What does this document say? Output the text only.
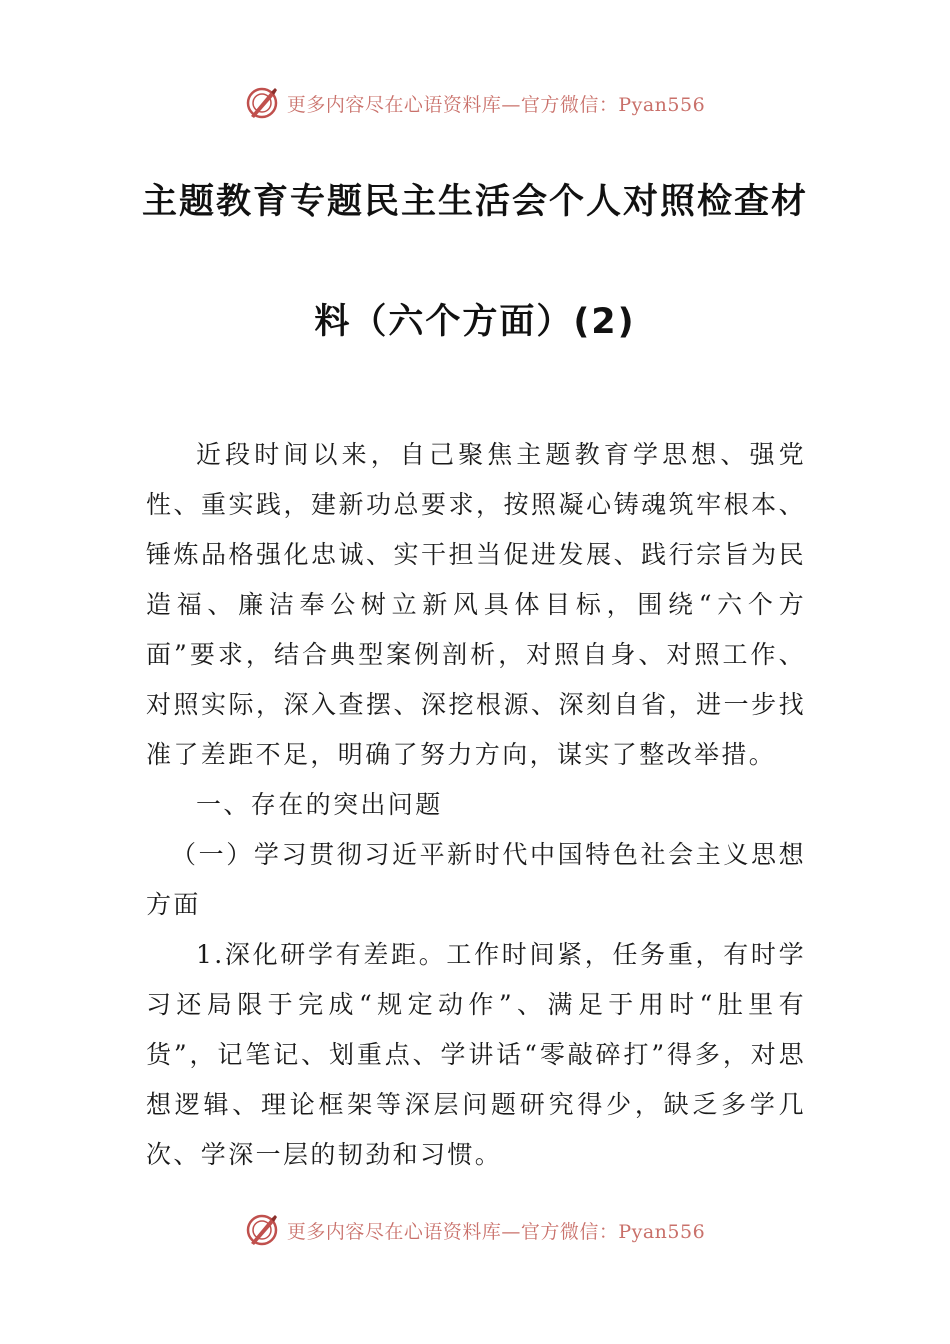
更多内容尽在心语资料库—官方微信：Pyan556
主题教育专题民主生活会个人对照检查材
料（六个方面）(2)

近段时间以来，自己聚焦主题教育学思想、强党性、重实践，建新功总要求，按照凝心铸魂筑牢根本、锤炼品格强化忠诚、实干担当促进发展、践行宗旨为民造福、廉洁奉公树立新风具体目标，围绕“六个方面”要求，结合典型案例剖析，对照自身、对照工作、对照实际，深入查摆、深挖根源、深刻自省，进一步找准了差距不足，明确了努力方向，谋实了整改举措。

一、存在的突出问题

（一）学习贯彻习近平新时代中国特色社会主义思想方面

1.深化研学有差距。工作时间紧，任务重，有时学习还局限于完成“规定动作”、满足于用时“肚里有货”，记笔记、划重点、学讲话“零敲碎打”得多，对思想逻辑、理论框架等深层问题研究得少，缺乏多学几次、学深一层的韧劲和习惯。

更多内容尽在心语资料库—官方微信：Pyan556
